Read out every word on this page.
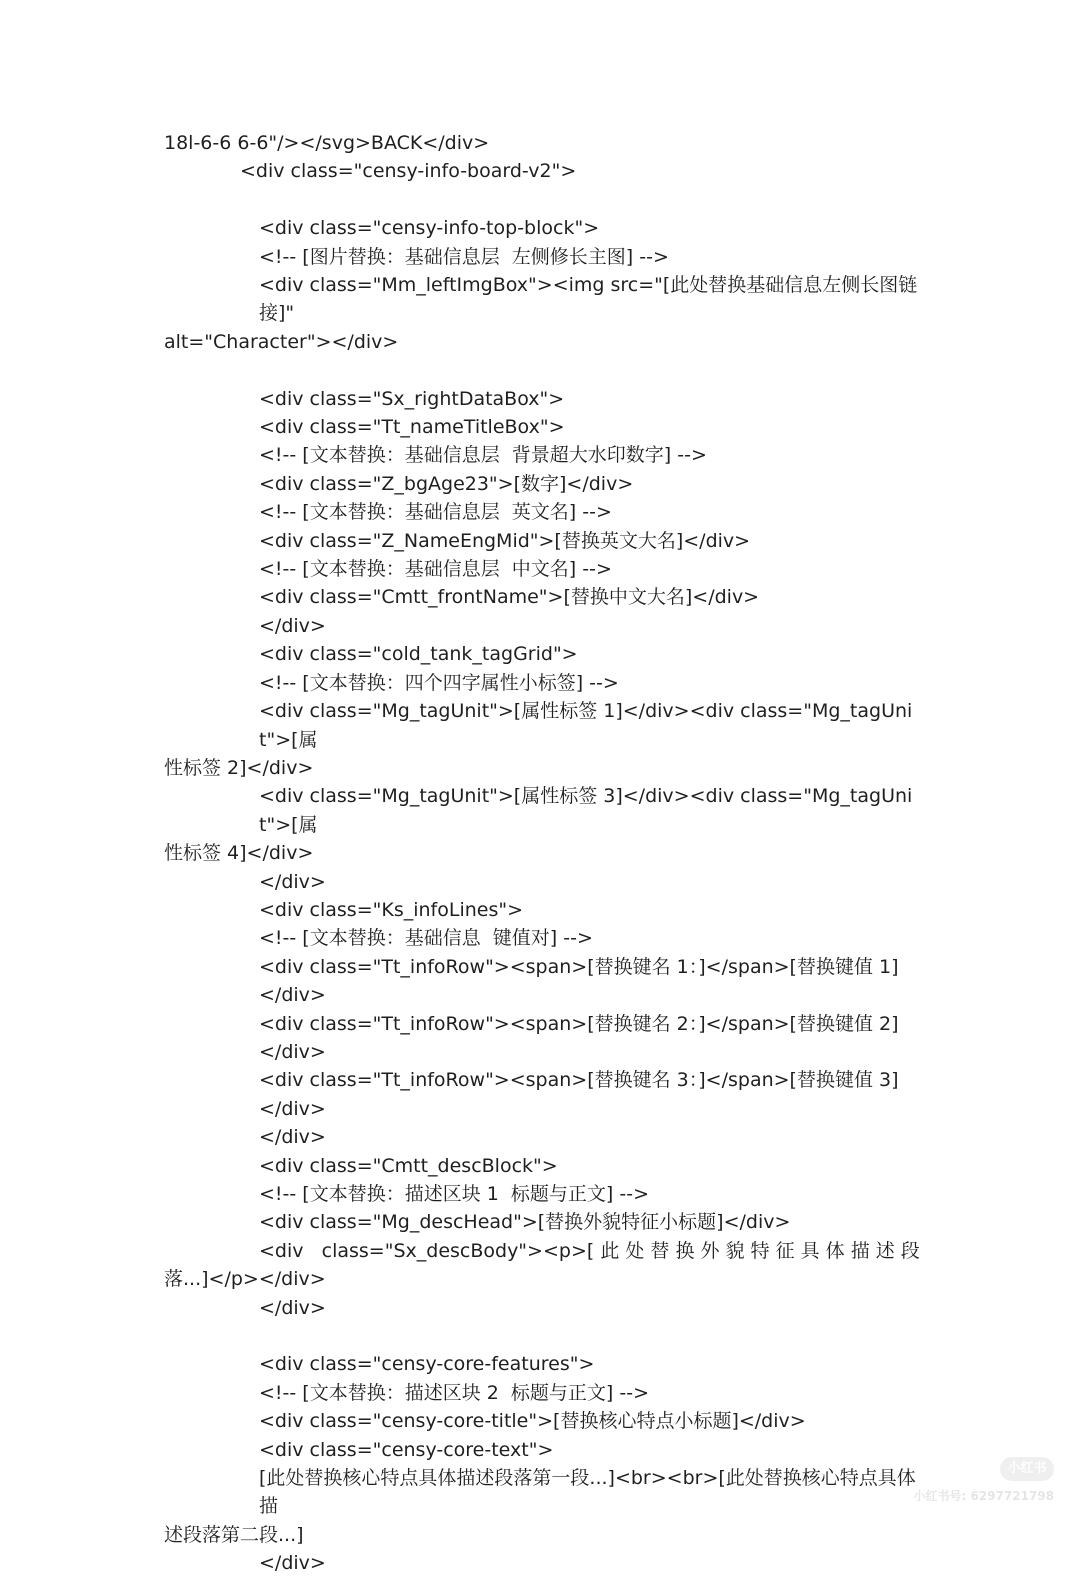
18l-6-6 6-6"/></svg>BACK</div>
<div class="censy-info-board-v2">
<div class="censy-info-top-block">
<!-- [图片替换：基础信息层  左侧修长主图] -->
<div class="Mm_leftImgBox"><img src="[此处替换基础信息左侧长图链接]"
alt="Character"></div>
<div class="Sx_rightDataBox">
<div class="Tt_nameTitleBox">
<!-- [文本替换：基础信息层  背景超大水印数字] -->
<div class="Z_bgAge23">[数字]</div>
<!-- [文本替换：基础信息层  英文名] -->
<div class="Z_NameEngMid">[替换英文大名]</div>
<!-- [文本替换：基础信息层  中文名] -->
<div class="Cmtt_frontName">[替换中文大名]</div>
</div>
<div class="cold_tank_tagGrid">
<!-- [文本替换：四个四字属性小标签] -->
<div class="Mg_tagUnit">[属性标签 1]</div><div class="Mg_tagUnit">[属
性标签 2]</div>
<div class="Mg_tagUnit">[属性标签 3]</div><div class="Mg_tagUnit">[属
性标签 4]</div>
</div>
<div class="Ks_infoLines">
<!-- [文本替换：基础信息  键值对] -->
<div class="Tt_infoRow"><span>[替换键名 1：]</span>[替换键值 1]</div>
<div class="Tt_infoRow"><span>[替换键名 2：]</span>[替换键值 2]</div>
<div class="Tt_infoRow"><span>[替换键名 3：]</span>[替换键值 3]</div>
</div>
<div class="Cmtt_descBlock">
<!-- [文本替换：描述区块 1  标题与正文] -->
<div class="Mg_descHead">[替换外貌特征小标题]</div>
<div   class="Sx_descBody"><p>[ 此 处 替 换 外 貌 特 征 具 体 描 述 段
落...]</p></div>
</div>
<div class="censy-core-features">
<!-- [文本替换：描述区块 2  标题与正文] -->
<div class="censy-core-title">[替换核心特点小标题]</div>
<div class="censy-core-text">
[此处替换核心特点具体描述段落第一段...]<br><br>[此处替换核心特点具体描
述段落第二段...]
</div>
小红书
小红书号: 6297721798
